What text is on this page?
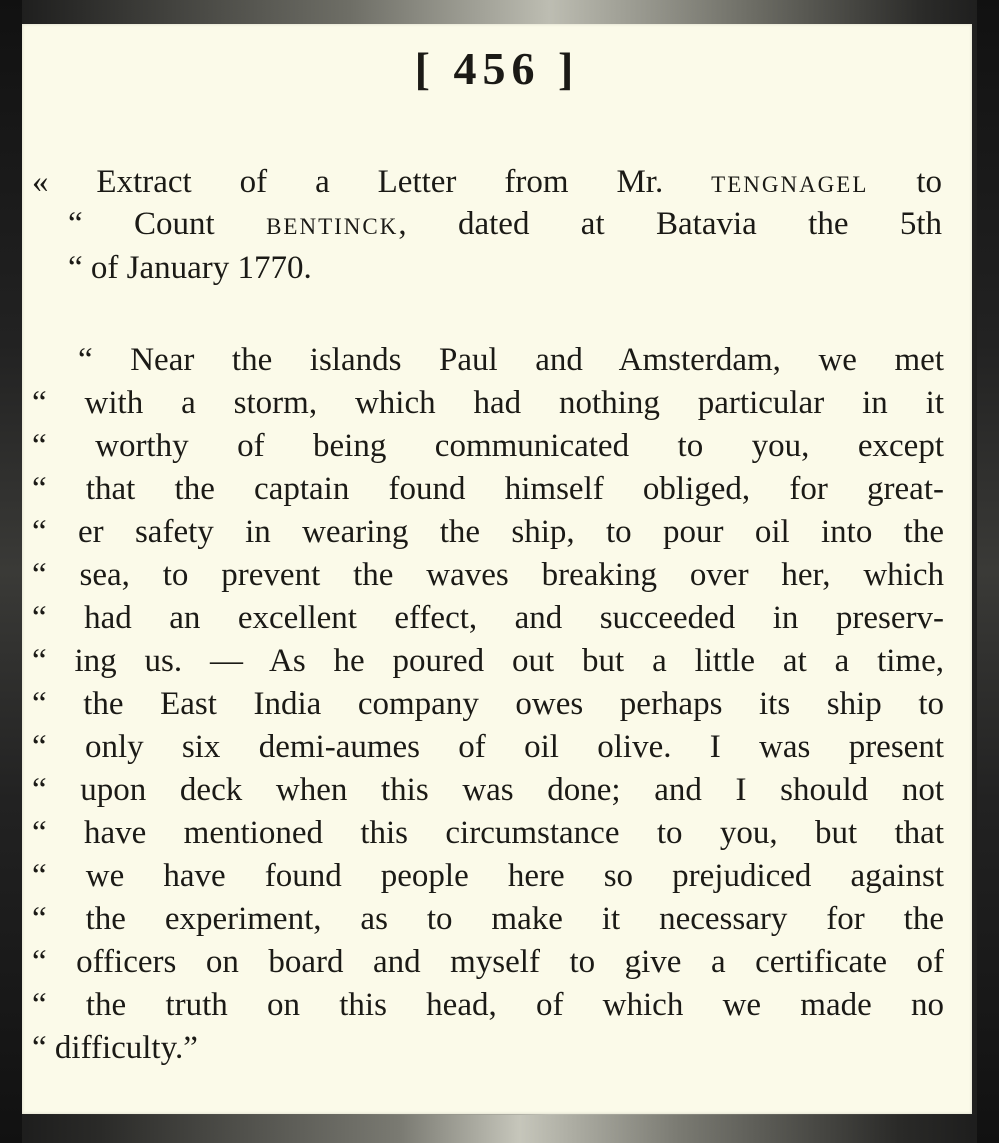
[ 456 ]
« Extract of a Letter from Mr. tengnagel to
“ Count bentinck, dated at Batavia the 5th
“ of January 1770.
“ Near the islands Paul and Amsterdam, we met
“ with a storm, which had nothing particular in it
“ worthy of being communicated to you, except
“ that the captain found himself obliged, for great-
“ er safety in wearing the ship, to pour oil into the
“ sea, to prevent the waves breaking over her, which
“ had an excellent effect, and succeeded in preserv-
“ ing us. — As he poured out but a little at a time,
“ the East India company owes perhaps its ship to
“ only six demi-aumes of oil olive. I was present
“ upon deck when this was done; and I should not
“ have mentioned this circumstance to you, but that
“ we have found people here so prejudiced against
“ the experiment, as to make it necessary for the
“ officers on board and myself to give a certificate of
“ the truth on this head, of which we made no
“ difficulty.”
